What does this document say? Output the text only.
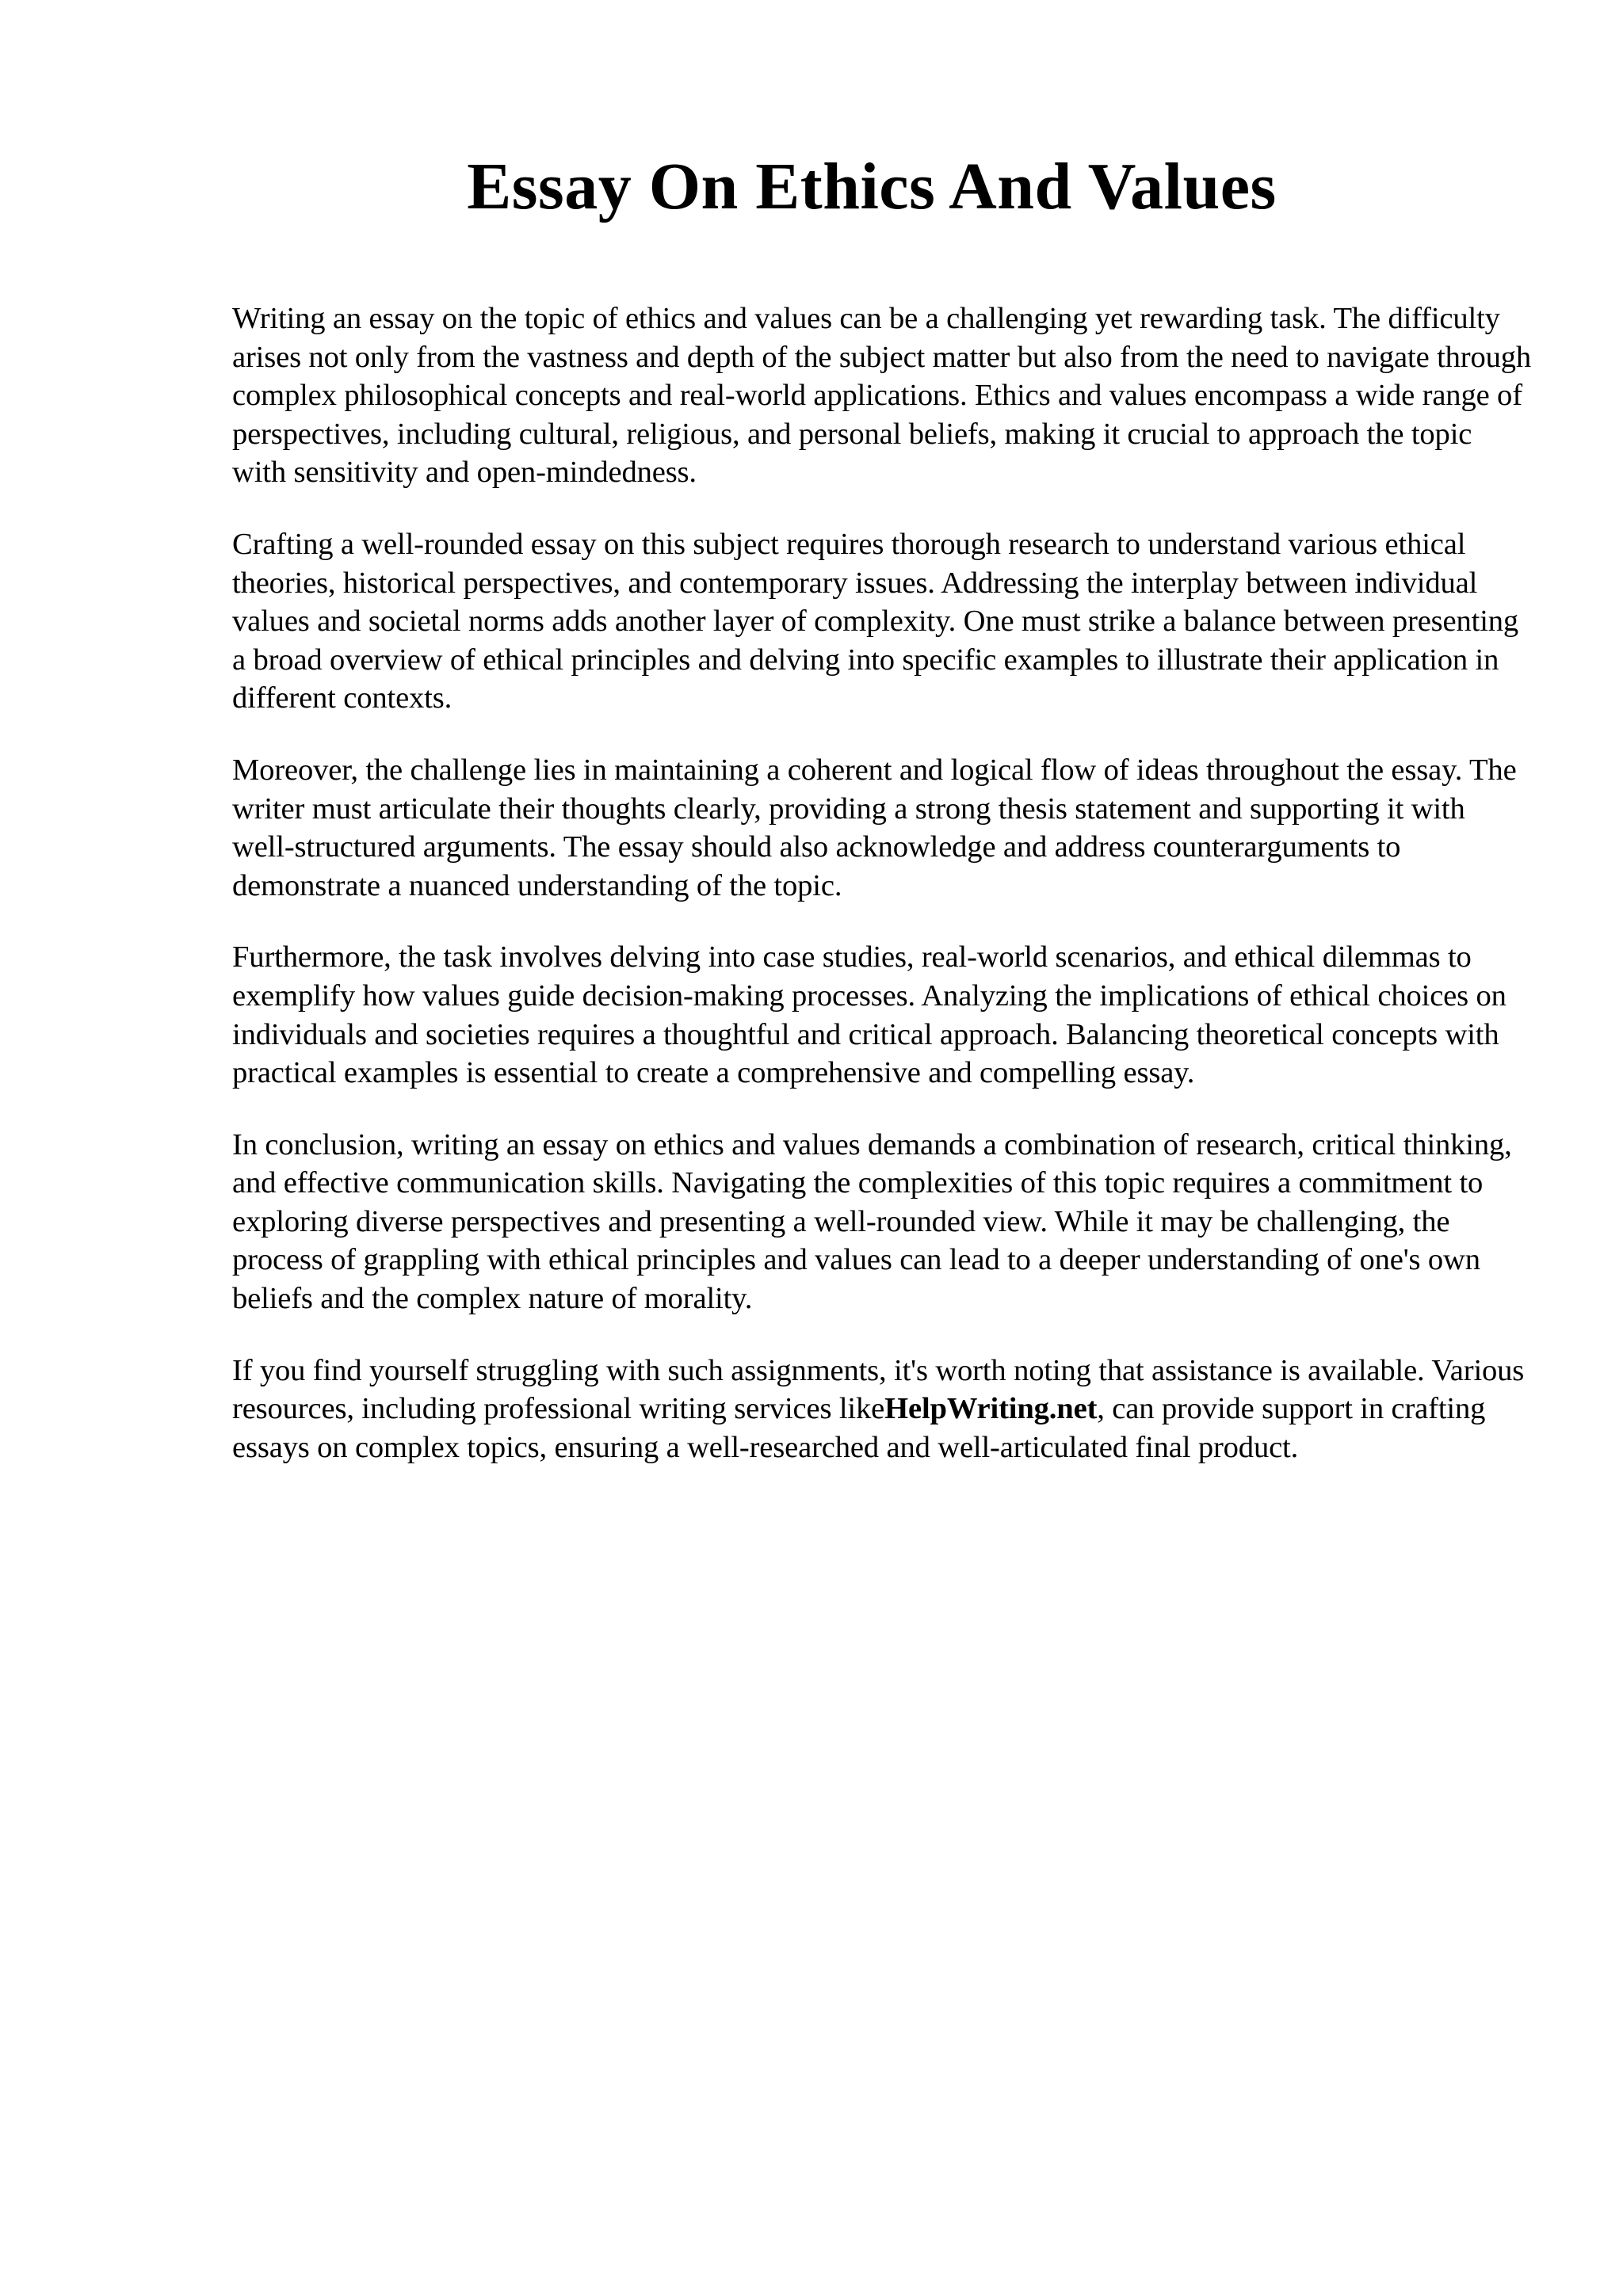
Essay On Ethics And Values

Writing an essay on the topic of ethics and values can be a challenging yet rewarding task. The difficulty arises not only from the vastness and depth of the subject matter but also from the need to navigate through complex philosophical concepts and real-world applications. Ethics and values encompass a wide range of perspectives, including cultural, religious, and personal beliefs, making it crucial to approach the topic with sensitivity and open-mindedness.

Crafting a well-rounded essay on this subject requires thorough research to understand various ethical theories, historical perspectives, and contemporary issues. Addressing the interplay between individual values and societal norms adds another layer of complexity. One must strike a balance between presenting a broad overview of ethical principles and delving into specific examples to illustrate their application in different contexts.

Moreover, the challenge lies in maintaining a coherent and logical flow of ideas throughout the essay. The writer must articulate their thoughts clearly, providing a strong thesis statement and supporting it with well-structured arguments. The essay should also acknowledge and address counterarguments to demonstrate a nuanced understanding of the topic.

Furthermore, the task involves delving into case studies, real-world scenarios, and ethical dilemmas to exemplify how values guide decision-making processes. Analyzing the implications of ethical choices on individuals and societies requires a thoughtful and critical approach. Balancing theoretical concepts with practical examples is essential to create a comprehensive and compelling essay.

In conclusion, writing an essay on ethics and values demands a combination of research, critical thinking, and effective communication skills. Navigating the complexities of this topic requires a commitment to exploring diverse perspectives and presenting a well-rounded view. While it may be challenging, the process of grappling with ethical principles and values can lead to a deeper understanding of one's own beliefs and the complex nature of morality.

If you find yourself struggling with such assignments, it's worth noting that assistance is available. Various resources, including professional writing services likeHelpWriting.net, can provide support in crafting essays on complex topics, ensuring a well-researched and well-articulated final product.
